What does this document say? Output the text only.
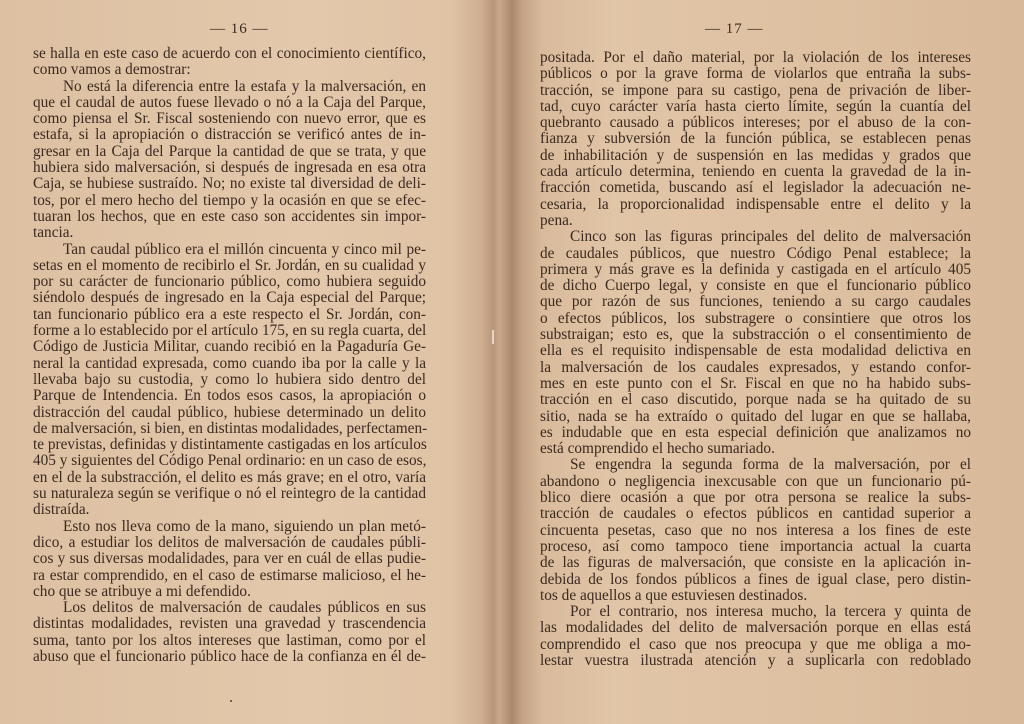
— 16 —
se halla en este caso de acuerdo con el conocimiento científico,
como vamos a demostrar:
No está la diferencia entre la estafa y la malversación, en
que el caudal de autos fuese llevado o nó a la Caja del Parque,
como piensa el Sr. Fiscal sosteniendo con nuevo error, que es
estafa, si la apropiación o distracción se verificó antes de in-
gresar en la Caja del Parque la cantidad de que se trata, y que
hubiera sido malversación, si después de ingresada en esa otra
Caja, se hubiese sustraído. No; no existe tal diversidad de deli-
tos, por el mero hecho del tiempo y la ocasión en que se efec-
tuaran los hechos, que en este caso son accidentes sin impor-
tancia.
Tan caudal público era el millón cincuenta y cinco mil pe-
setas en el momento de recibirlo el Sr. Jordán, en su cualidad y
por su carácter de funcionario público, como hubiera seguido
siéndolo después de ingresado en la Caja especial del Parque;
tan funcionario público era a este respecto el Sr. Jordán, con-
forme a lo establecido por el artículo 175, en su regla cuarta, del
Código de Justicia Militar, cuando recibió en la Pagaduría Ge-
neral la cantidad expresada, como cuando iba por la calle y la
llevaba bajo su custodia, y como lo hubiera sido dentro del
Parque de Intendencia. En todos esos casos, la apropiación o
distracción del caudal público, hubiese determinado un delito
de malversación, si bien, en distintas modalidades, perfectamen-
te previstas, definidas y distintamente castigadas en los artículos
405 y siguientes del Código Penal ordinario: en un caso de esos,
en el de la substracción, el delito es más grave; en el otro, varía
su naturaleza según se verifique o nó el reintegro de la cantidad
distraída.
Esto nos lleva como de la mano, siguiendo un plan metó-
dico, a estudiar los delitos de malversación de caudales públi-
cos y sus diversas modalidades, para ver en cuál de ellas pudie-
ra estar comprendido, en el caso de estimarse malicioso, el he-
cho que se atribuye a mi defendido.
Los delitos de malversación de caudales públicos en sus
distintas modalidades, revisten una gravedad y trascendencia
suma, tanto por los altos intereses que lastiman, como por el
abuso que el funcionario público hace de la confianza en él de-
— 17 —
positada. Por el daño material, por la violación de los intereses
públicos o por la grave forma de violarlos que entraña la subs-
tracción, se impone para su castigo, pena de privación de liber-
tad, cuyo carácter varía hasta cierto límite, según la cuantía del
quebranto causado a públicos intereses; por el abuso de la con-
fianza y subversión de la función pública, se establecen penas
de inhabilitación y de suspensión en las medidas y grados que
cada artículo determina, teniendo en cuenta la gravedad de la in-
fracción cometida, buscando así el legislador la adecuación ne-
cesaria, la proporcionalidad indispensable entre el delito y la
pena.
Cinco son las figuras principales del delito de malversación
de caudales públicos, que nuestro Código Penal establece; la
primera y más grave es la definida y castigada en el artículo 405
de dicho Cuerpo legal, y consiste en que el funcionario público
que por razón de sus funciones, teniendo a su cargo caudales
o efectos públicos, los substragere o consintiere que otros los
substraigan; esto es, que la substracción o el consentimiento de
ella es el requisito indispensable de esta modalidad delictiva en
la malversación de los caudales expresados, y estando confor-
mes en este punto con el Sr. Fiscal en que no ha habido subs-
tracción en el caso discutido, porque nada se ha quitado de su
sitio, nada se ha extraído o quitado del lugar en que se hallaba,
es indudable que en esta especial definición que analizamos no
está comprendido el hecho sumariado.
Se engendra la segunda forma de la malversación, por el
abandono o negligencia inexcusable con que un funcionario pú-
blico diere ocasión a que por otra persona se realice la subs-
tracción de caudales o efectos públicos en cantidad superior a
cincuenta pesetas, caso que no nos interesa a los fines de este
proceso, así como tampoco tiene importancia actual la cuarta
de las figuras de malversación, que consiste en la aplicación in-
debida de los fondos públicos a fines de igual clase, pero distin-
tos de aquellos a que estuviesen destinados.
Por el contrario, nos interesa mucho, la tercera y quinta de
las modalidades del delito de malversación porque en ellas está
comprendido el caso que nos preocupa y que me obliga a mo-
lestar vuestra ilustrada atención y a suplicarla con redoblado
